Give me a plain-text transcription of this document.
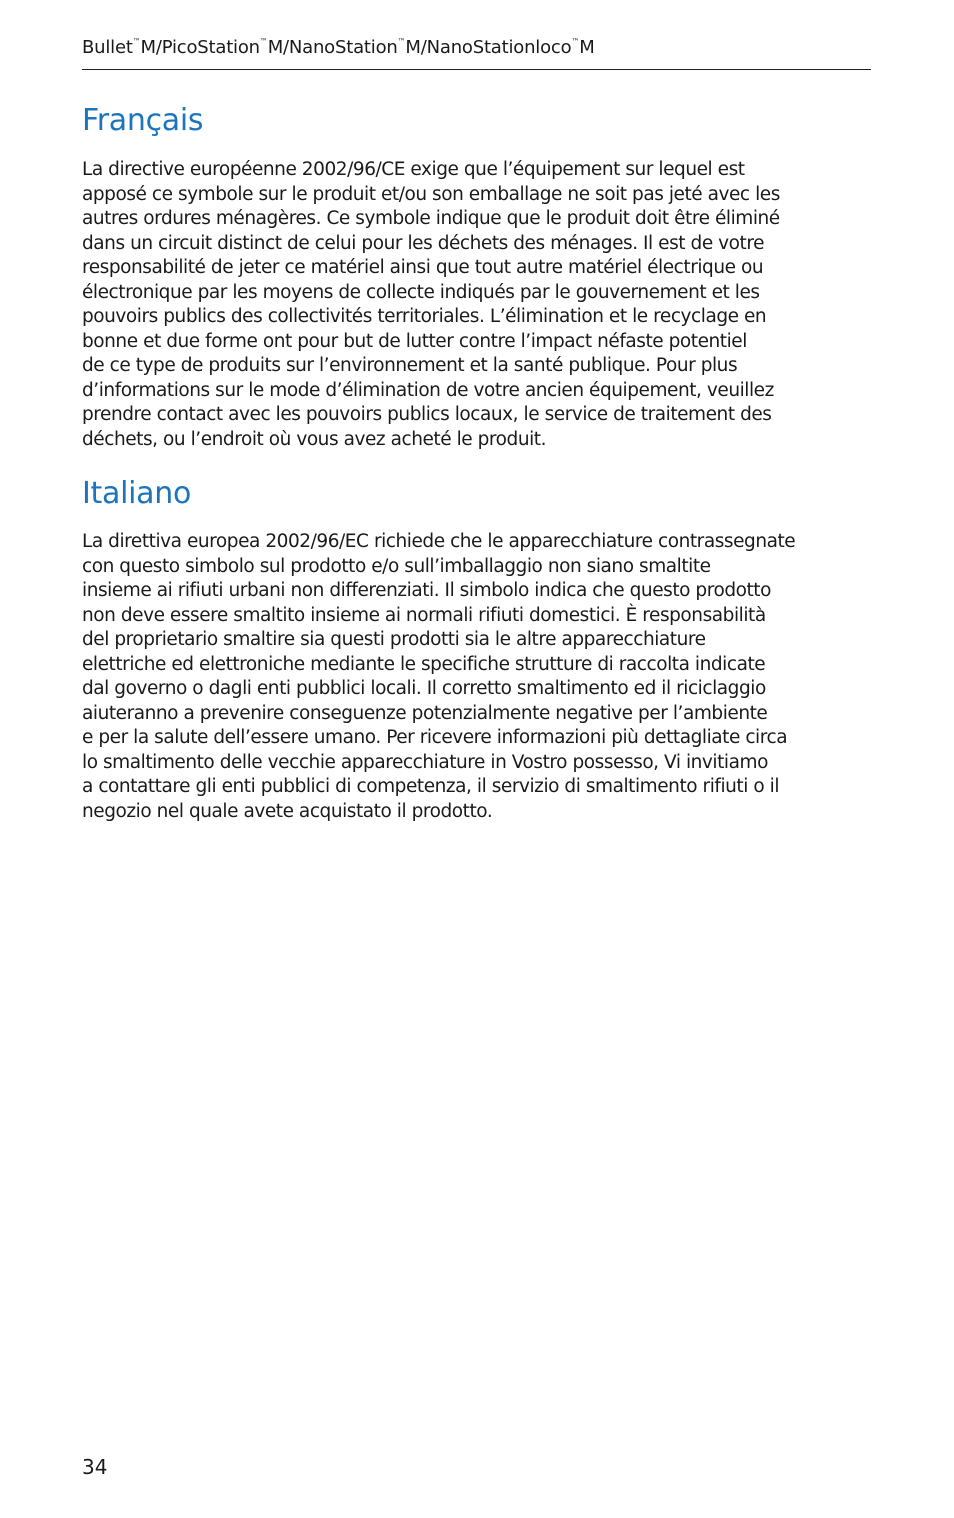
Bullet™M/PicoStation™M/NanoStation™M/NanoStationloco™M
Français
La directive européenne 2002/96/CE exige que l’équipement sur lequel est
apposé ce symbole sur le produit et/ou son emballage ne soit pas jeté avec les
autres ordures ménagères. Ce symbole indique que le produit doit être éliminé
dans un circuit distinct de celui pour les déchets des ménages. Il est de votre
responsabilité de jeter ce matériel ainsi que tout autre matériel électrique ou
électronique par les moyens de collecte indiqués par le gouvernement et les
pouvoirs publics des collectivités territoriales. L’élimination et le recyclage en
bonne et due forme ont pour but de lutter contre l’impact néfaste potentiel
de ce type de produits sur l’environnement et la santé publique. Pour plus
d’informations sur le mode d’élimination de votre ancien équipement, veuillez
prendre contact avec les pouvoirs publics locaux, le service de traitement des
déchets, ou l’endroit où vous avez acheté le produit.
Italiano
La direttiva europea 2002/96/EC richiede che le apparecchiature contrassegnate
con questo simbolo sul prodotto e/o sull’imballaggio non siano smaltite
insieme ai rifiuti urbani non differenziati. Il simbolo indica che questo prodotto
non deve essere smaltito insieme ai normali rifiuti domestici. È responsabilità
del proprietario smaltire sia questi prodotti sia le altre apparecchiature
elettriche ed elettroniche mediante le specifiche strutture di raccolta indicate
dal governo o dagli enti pubblici locali. Il corretto smaltimento ed il riciclaggio
aiuteranno a prevenire conseguenze potenzialmente negative per l’ambiente
e per la salute dell’essere umano. Per ricevere informazioni più dettagliate circa
lo smaltimento delle vecchie apparecchiature in Vostro possesso, Vi invitiamo
a contattare gli enti pubblici di competenza, il servizio di smaltimento rifiuti o il
negozio nel quale avete acquistato il prodotto.
34
